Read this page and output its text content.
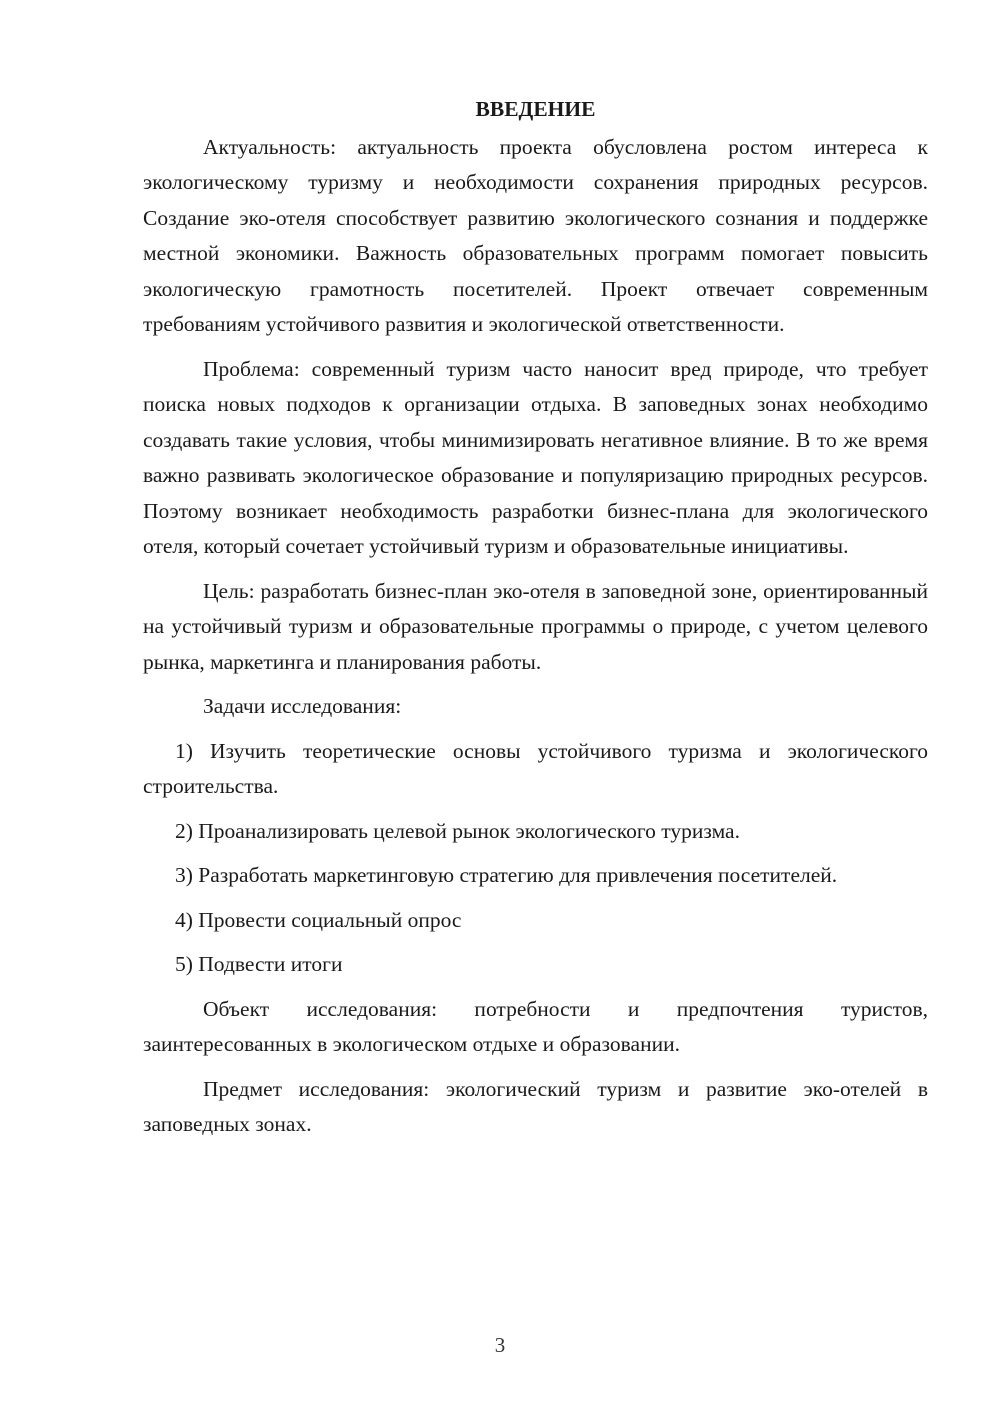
ВВЕДЕНИЕ

Актуальность: актуальность проекта обусловлена ростом интереса к экологическому туризму и необходимости сохранения природных ресурсов. Создание эко-отеля способствует развитию экологического сознания и поддержке местной экономики. Важность образовательных программ помогает повысить экологическую грамотность посетителей. Проект отвечает современным требованиям устойчивого развития и экологической ответственности.

Проблема: современный туризм часто наносит вред природе, что требует поиска новых подходов к организации отдыха. В заповедных зонах необходимо создавать такие условия, чтобы минимизировать негативное влияние. В то же время важно развивать экологическое образование и популяризацию природных ресурсов. Поэтому возникает необходимость разработки бизнес-плана для экологического отеля, который сочетает устойчивый туризм и образовательные инициативы.

Цель: разработать бизнес-план эко-отеля в заповедной зоне, ориентированный на устойчивый туризм и образовательные программы о природе, с учетом целевого рынка, маркетинга и планирования работы.

Задачи исследования:

1) Изучить теоретические основы устойчивого туризма и экологического строительства.

2) Проанализировать целевой рынок экологического туризма.

3) Разработать маркетинговую стратегию для привлечения посетителей.

4) Провести социальный опрос

5) Подвести итоги

Объект исследования: потребности и предпочтения туристов, заинтересованных в экологическом отдыхе и образовании.

Предмет исследования: экологический туризм и развитие эко-отелей в заповедных зонах.

3
